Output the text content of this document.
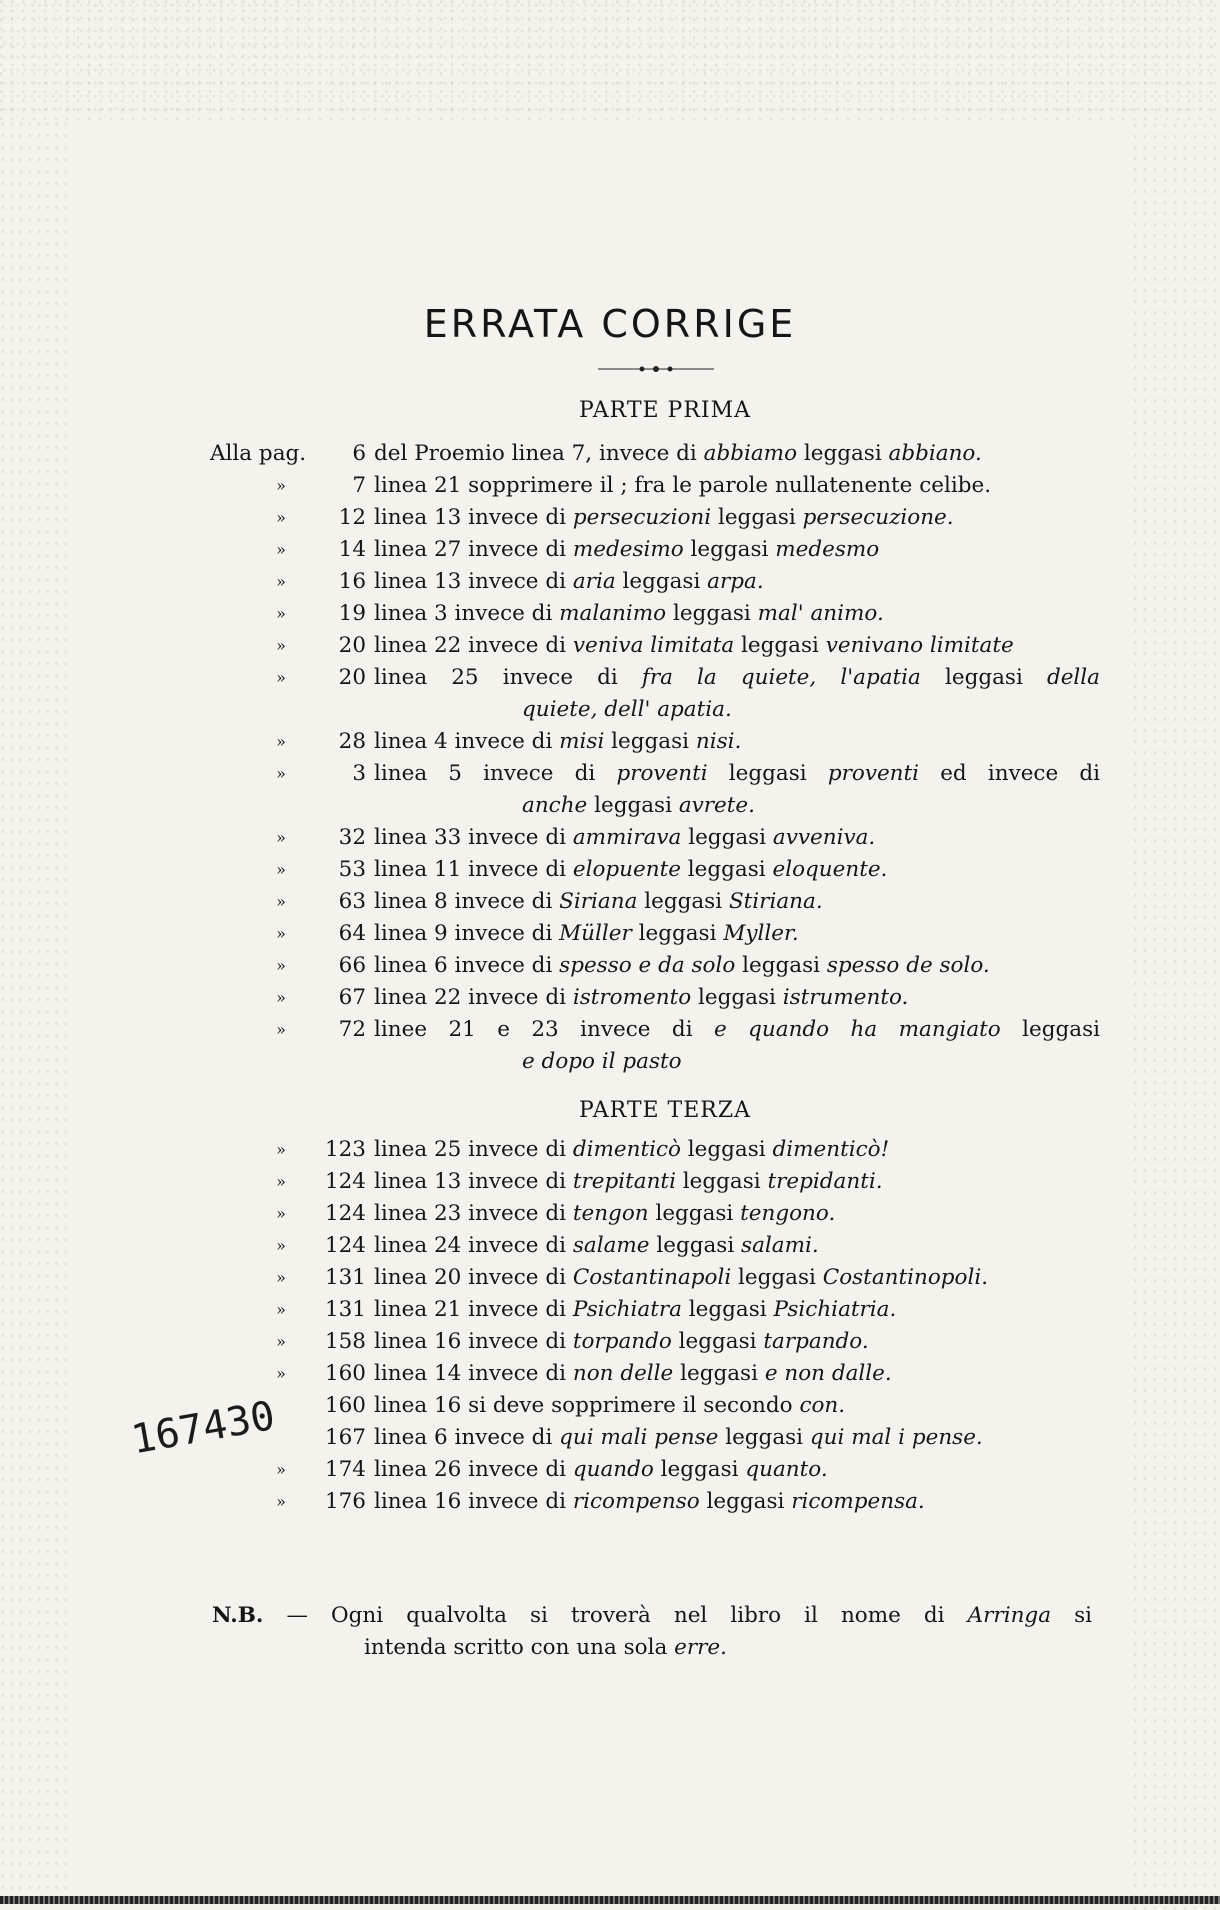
ERRATA CORRIGE
PARTE PRIMA
Alla pag.	6 del Proemio linea 7, invece di abbiamo leggasi abbiano.
»	7 linea 21 sopprimere il ; fra le parole nullatenente celibe.
»	12 linea 13 invece di persecuzioni leggasi persecuzione.
»	14 linea 27 invece di medesimo leggasi medesmo
»	16 linea 13 invece di aria leggasi arpa.
»	19 linea 3 invece di malanimo leggasi mal' animo.
»	20 linea 22 invece di veniva limitata leggasi venivano limitate
»	20 linea 25 invece di fra la quiete, l'apatia leggasi della
quiete, dell' apatia.
»	28 linea 4 invece di misi leggasi nisi.
»	3 linea 5 invece di proventi leggasi proventi ed invece di
anche leggasi avrete.
»	32 linea 33 invece di ammirava leggasi avveniva.
»	53 linea 11 invece di elopuente leggasi eloquente.
»	63 linea 8 invece di Siriana leggasi Stiriana.
»	64 linea 9 invece di Müller leggasi Myller.
»	66 linea 6 invece di spesso e da solo leggasi spesso de solo.
»	67 linea 22 invece di istromento leggasi istrumento.
»	72 linee 21 e 23 invece di e quando ha mangiato leggasi
e dopo il pasto
PARTE TERZA
»	123 linea 25 invece di dimenticò leggasi dimenticò!
»	124 linea 13 invece di trepitanti leggasi trepidanti.
»	124 linea 23 invece di tengon leggasi tengono.
»	124 linea 24 invece di salame leggasi salami.
»	131 linea 20 invece di Costantinapoli leggasi Costantinopoli.
»	131 linea 21 invece di Psichiatra leggasi Psichiatria.
»	158 linea 16 invece di torpando leggasi tarpando.
»	160 linea 14 invece di non delle leggasi e non dalle.
160 linea 16 si deve sopprimere il secondo con.
167 linea 6 invece di qui mali pense leggasi qui mal i pense.
»	174 linea 26 invece di quando leggasi quanto.
»	176 linea 16 invece di ricompenso leggasi ricompensa.
167430
N.B. — Ogni qualvolta si troverà nel libro il nome di Arringa si
intenda scritto con una sola erre.
